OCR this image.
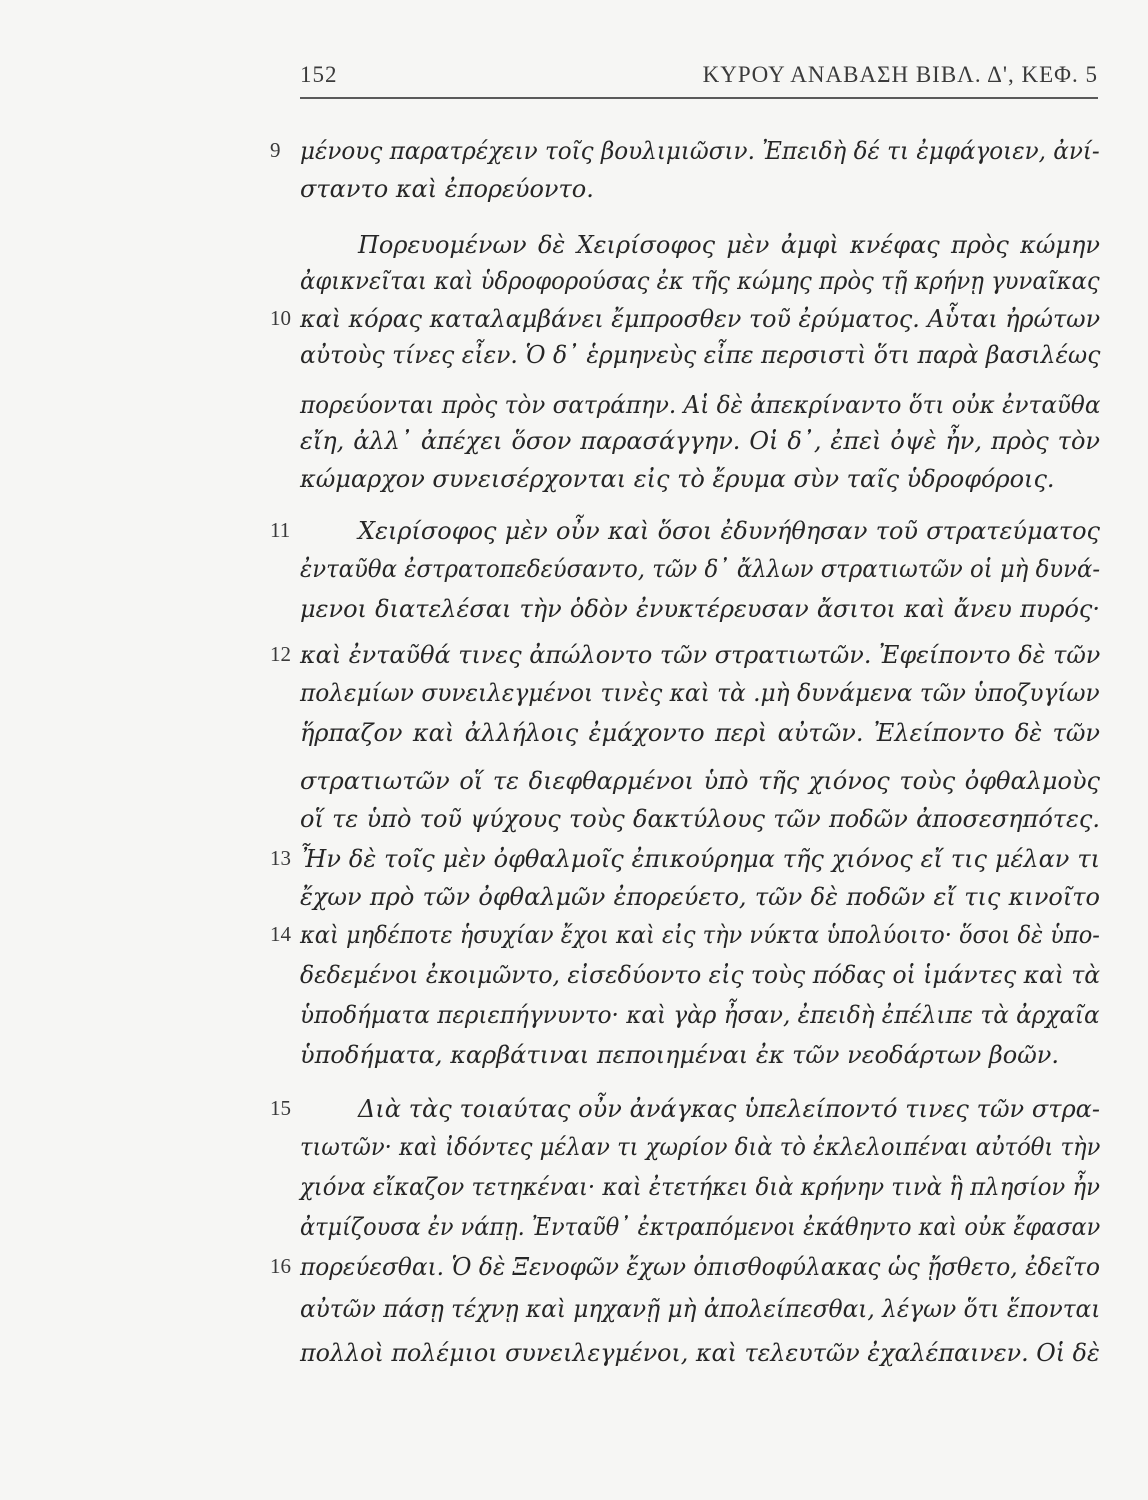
152	ΚΥΡΟΥ ΑΝΑΒΑΣΗ ΒΙΒΛ. Δ', ΚΕΦ. 5
9 μένους παρατρέχειν τοῖς βουλιμιῶσιν. Ἐπειδὴ δέ τι ἐμφάγοιεν, ἀνί-
σταντο καὶ ἐπορεύοντο.
Πορευομένων δὲ Χειρίσοφος μὲν ἀμφὶ κνέφας πρὸς κώμην
ἀφικνεῖται καὶ ὑδροφορούσας ἐκ τῆς κώμης πρὸς τῇ κρήνῃ γυναῖκας
10 καὶ κόρας καταλαμβάνει ἔμπροσθεν τοῦ ἐρύματος. Αὗται ἠρώτων
αὐτοὺς τίνες εἶεν. Ὁ δ᾽ ἑρμηνεὺς εἶπε περσιστὶ ὅτι παρὰ βασιλέως
πορεύονται πρὸς τὸν σατράπην. Αἱ δὲ ἀπεκρίναντο ὅτι οὐκ ἐνταῦθα
εἴη, ἀλλ᾽ ἀπέχει ὅσον παρασάγγην. Οἱ δ᾽, ἐπεὶ ὀψὲ ἦν, πρὸς τὸν
κώμαρχον συνεισέρχονται εἰς τὸ ἔρυμα σὺν ταῖς ὑδροφόροις.
11	Χειρίσοφος μὲν οὖν καὶ ὅσοι ἐδυνήθησαν τοῦ στρατεύματος
ἐνταῦθα ἐστρατοπεδεύσαντο, τῶν δ᾽ ἄλλων στρατιωτῶν οἱ μὴ δυνά-
μενοι διατελέσαι τὴν ὁδὸν ἐνυκτέρευσαν ἄσιτοι καὶ ἄνευ πυρός·
12 καὶ ἐνταῦθά τινες ἀπώλοντο τῶν στρατιωτῶν. Ἐφείποντο δὲ τῶν
πολεμίων συνειλεγμένοι τινὲς καὶ τὰ .μὴ δυνάμενα τῶν ὑποζυγίων
ἥρπαζον καὶ ἀλλήλοις ἐμάχοντο περὶ αὐτῶν. Ἐλείποντο δὲ τῶν
στρατιωτῶν οἵ τε διεφθαρμένοι ὑπὸ τῆς χιόνος τοὺς ὀφθαλμοὺς
οἵ τε ὑπὸ τοῦ ψύχους τοὺς δακτύλους τῶν ποδῶν ἀποσεσηπότες.
13 Ἦν δὲ τοῖς μὲν ὀφθαλμοῖς ἐπικούρημα τῆς χιόνος εἴ τις μέλαν τι
ἔχων πρὸ τῶν ὀφθαλμῶν ἐπορεύετο, τῶν δὲ ποδῶν εἴ τις κινοῖτο
14 καὶ μηδέποτε ἡσυχίαν ἔχοι καὶ εἰς τὴν νύκτα ὑπολύοιτο· ὅσοι δὲ ὑπο-
δεδεμένοι ἐκοιμῶντο, εἰσεδύοντο εἰς τοὺς πόδας οἱ ἱμάντες καὶ τὰ
ὑποδήματα περιεπήγνυντο· καὶ γὰρ ἦσαν, ἐπειδὴ ἐπέλιπε τὰ ἀρχαῖα
ὑποδήματα, καρβάτιναι πεποιημέναι ἐκ τῶν νεοδάρτων βοῶν.
15	Διὰ τὰς τοιαύτας οὖν ἀνάγκας ὑπελείποντό τινες τῶν στρα-
τιωτῶν· καὶ ἰδόντες μέλαν τι χωρίον διὰ τὸ ἐκλελοιπέναι αὐτόθι τὴν
χιόνα εἴκαζον τετηκέναι· καὶ ἐτετήκει διὰ κρήνην τινὰ ἣ πλησίον ἦν
ἀτμίζουσα ἐν νάπῃ. Ἐνταῦθ᾽ ἐκτραπόμενοι ἐκάθηντο καὶ οὐκ ἔφασαν
16 πορεύεσθαι. Ὁ δὲ Ξενοφῶν ἔχων ὀπισθοφύλακας ὡς ᾔσθετο, ἐδεῖτο
αὐτῶν πάσῃ τέχνῃ καὶ μηχανῇ μὴ ἀπολείπεσθαι, λέγων ὅτι ἕπονται
πολλοὶ πολέμιοι συνειλεγμένοι, καὶ τελευτῶν ἐχαλέπαινεν. Οἱ δὲ
